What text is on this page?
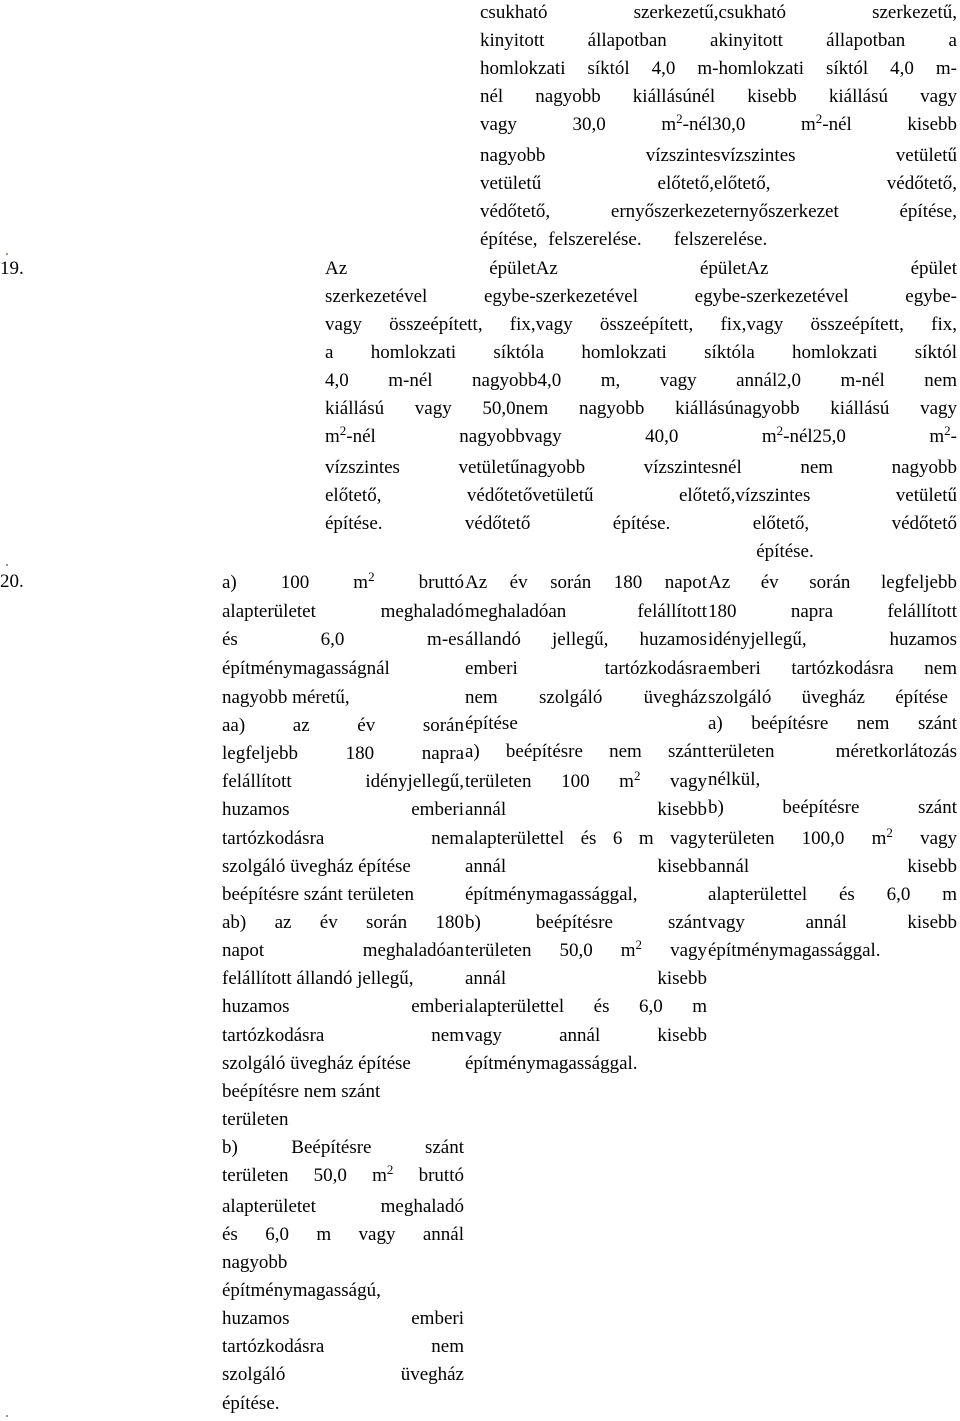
csukható szerkezetű,csukható szerkezetű,
kinyitott állapotban akinyitott állapotban a
homlokzati síktól 4,0 m-homlokzati síktól 4,0 m-
nél nagyobb kiállásúnél kisebb kiállású vagy
vagy 30,0 $m^2-nél30,0$ $m^2$-nél kisebb
nagyobb vízszintesvízszintes vetületű
vetületű előtető,előtető, védőtető,
védőtető, ernyőszerkezeternyőszerkezet építése,
építése, felszerelése.   felszerelése.
19.	Az épületAz épületAz épület
szerkezetével egybe-szerkezetével egybe-szerkezetével egybe-
vagy összeépített, fix,vagy összeépített, fix,vagy összeépített, fix,
a homlokzati síktóla homlokzati síktóla homlokzati síktól
4,0 m-nél nagyobb4,0 m, vagy annál2,0 m-nél nem
kiállású vagy 50,0nem nagyobb kiállásúnagyobb kiállású vagy
$m^2$-nél nagyobbvagy 40,0 $m^2-nél25,0$ $m^2-$
vízszintes vetületűnagyobb vízszintesnél nem nagyobb
előtető, védőtetővetületű előtető,vízszintes vetületű
építése. védőtető építése. előtető, védőtető
építése.
20.	a) 100 $m^2$ bruttó
alapterületet meghaladó
és 6,0 m-es
építménymagasságnál
nagyobb méretű,
aa) az év során
legfeljebb 180 napra
felállított idényjellegű,
huzamos emberi
tartózkodásra nem
szolgáló üvegház építése
beépítésre szánt területen
ab) az év során 180
napot meghaladóan
felállított állandó jellegű,
huzamos emberi
tartózkodásra nem
szolgáló üvegház építése
beépítésre nem szánt
területen
b) Beépítésre szánt
területen 50,0 $m^2$ bruttó
alapterületet meghaladó
és 6,0 m vagy annál
nagyobb
építménymagasságú,
huzamos emberi
tartózkodásra nem
szolgáló üvegház
építése.
Az év során 180 napot
meghaladóan felállított
állandó jellegű, huzamos
emberi tartózkodásra
nem szolgáló üvegház
építése
a) beépítésre nem szánt
területen 100 $m^2$ vagy
annál kisebb
alapterülettel és 6 m vagy
annál kisebb
építménymagassággal,
b) beépítésre szánt
területen 50,0 $m^2$ vagy
annál kisebb
alapterülettel és 6,0 m
vagy annál kisebb
építménymagassággal.
Az év során legfeljebb
180 napra felállított
idényjellegű, huzamos
emberi tartózkodásra nem
szolgáló üvegház építése
a) beépítésre nem szánt
területen méretkorlátozás
nélkül,
b) beépítésre szánt
területen 100,0 $m^2$ vagy
annál kisebb
alapterülettel és 6,0 m
vagy annál kisebb
építménymagassággal.
